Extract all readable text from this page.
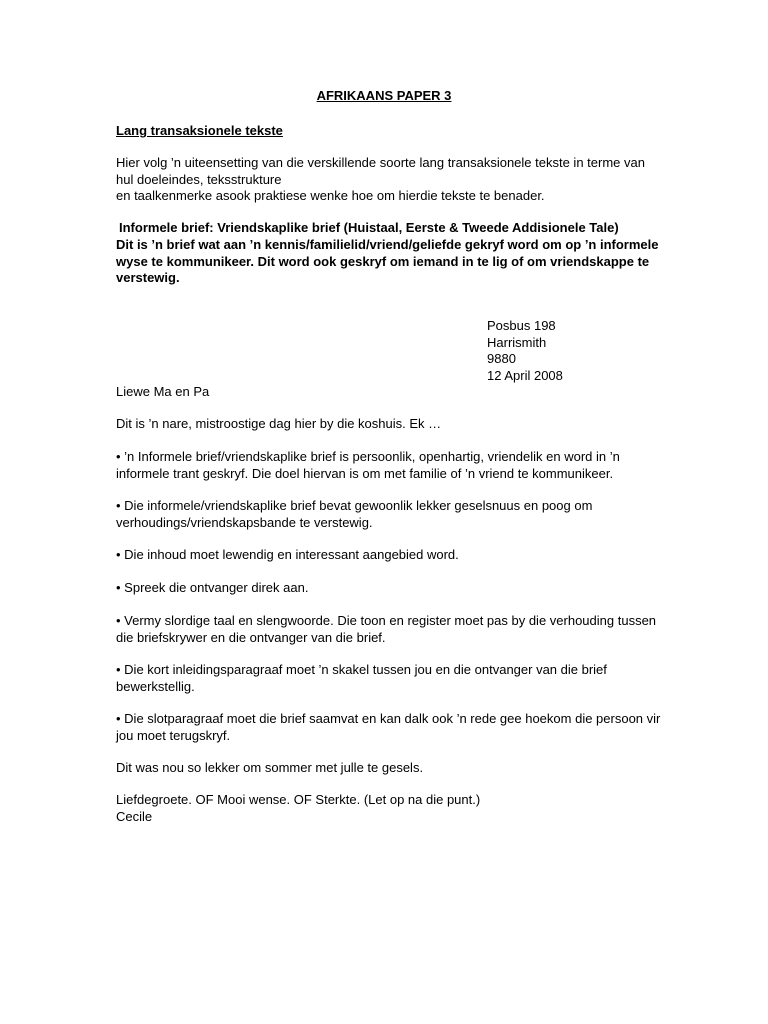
AFRIKAANS PAPER 3
Lang transaksionele tekste
Hier volg ’n uiteensetting van die verskillende soorte lang transaksionele tekste in terme van
hul doeleindes, teksstrukture
en taalkenmerke asook praktiese wenke hoe om hierdie tekste te benader.
Informele brief: Vriendskaplike brief (Huistaal, Eerste & Tweede Addisionele Tale)
Dit is ’n brief wat aan ’n kennis/familielid/vriend/geliefde gekryf word om op ’n informele wyse te kommunikeer. Dit word ook geskryf om iemand in te lig of om vriendskappe te verstewig.
Posbus 198
Harrismith
9880
12 April 2008
Liewe Ma en Pa
Dit is ’n nare, mistroostige dag hier by die koshuis. Ek …
• ’n Informele brief/vriendskaplike brief is persoonlik, openhartig, vriendelik en word in ’n informele trant geskryf. Die doel hiervan is om met familie of ’n vriend te kommunikeer.
• Die informele/vriendskaplike brief bevat gewoonlik lekker geselsnuus en poog om verhoudings/vriendskapsbande te verstewig.
• Die inhoud moet lewendig en interessant aangebied word.
• Spreek die ontvanger direk aan.
• Vermy slordige taal en slengwoorde. Die toon en register moet pas by die verhouding tussen die briefskrywer en die ontvanger van die brief.
• Die kort inleidingsparagraaf moet ’n skakel tussen jou en die ontvanger van die brief bewerkstellig.
• Die slotparagraaf moet die brief saamvat en kan dalk ook ’n rede gee hoekom die persoon vir jou moet terugskryf.
Dit was nou so lekker om sommer met julle te gesels.
Liefdegroete. OF Mooi wense. OF Sterkte. (Let op na die punt.)
Cecile
